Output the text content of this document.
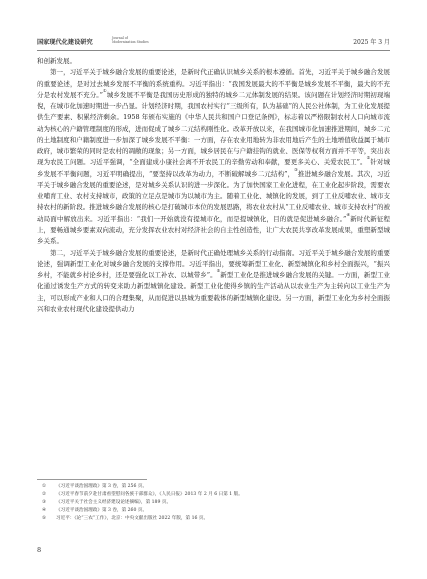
国家现代化建设研究
Journal of
Modernization Studies	2025 年 3 月

和创新发展。

第一，习近平关于城乡融合发展的重要论述，是新时代正确认识城乡关系的根本遵循。首先，习近平关于城乡融合发展的重要论述，是对过去城乡发展不平衡的系统重构。习近平指出：“我国发展最大的不平衡是城乡发展不平衡，最大的不充分是农村发展不充分。”①城乡发展不平衡是我国历史形成的独特的城乡二元体制发展的结果。该问题在计划经济时期初现端倪，在城市化加速时期进一步凸显。计划经济时期，我国农村实行“三级所有，队为基础”的人民公社体制，为工业化发展提供生产要素、积累经济剩余。1958 年颁布实施的《中华人民共和国户口登记条例》，标志着以严格限制农村人口向城市流动为核心的户籍管理制度的形成，进而促成了城乡二元结构刚性化。改革开放以来，在我国城市化加速推进期间，城乡二元的土地制度和户籍制度进一步加深了城乡发展不平衡：一方面，存在农业用地转为非农用地后产生的土地增值收益属于城市政府，城市繁荣的同时是农村的凋敝的现象；另一方面，城乡居民在与户籍挂钩的就业、医保等权利方面并不平等，突出表现为农民工问题。习近平强调，“全面建成小康社会离不开农民工的辛勤劳动和奉献，要更多关心、关爱农民工”。②针对城乡发展不平衡问题，习近平明确提出，“要坚持以改革为动力，不断破解城乡二元结构”，③推进城乡融合发展。其次，习近平关于城乡融合发展的重要论述，是对城乡关系认识的进一步深化。为了加快国家工业化进程，在工业化起步阶段，需要农业哺育工业、农村支持城市，政策的立足点是城市为以城市为主。随着工业化、城镇化的发展，到了工业反哺农业、城市支持农村的新阶段。推进城乡融合发展的核心是打破城市本位的发展思路，将农业农村从“工业反哺农业、城市支持农村”的被动局面中解放出来。习近平指出：“我们一开始就没有提城市化，而是提城镇化，目的就是促进城乡融合。”④新时代新征程上，要畅通城乡要素双向流动，充分发挥农业农村对经济社会的自主性创造性，让广大农民共享改革发展成果，重塑新型城乡关系。

第二，习近平关于城乡融合发展的重要论述，是新时代正确处理城乡关系的行动指南。习近平关于城乡融合发展的重要论述，强调新型工业化对城乡融合发展的支撑作用。习近平指出，要统筹新型工业化、新型城镇化和乡村全面振兴，“振兴乡村，不能就乡村论乡村，还是要强化以工补农、以城带乡”。⑤新型工业化是推进城乡融合发展的关键。一方面，新型工业化通过诱发生产方式的转变来助力新型城镇化建设。新型工业化使得乡镇的生产活动从以农业生产为主转向以工业生产为主，可以形成产业和人口的合理集聚，从而促进以县城为重要载体的新型城镇化建设。另一方面，新型工业化为乡村全面振兴和农业农村现代化建设提供动力

① 《习近平谈治国理政》第 3 卷，第 256 页。
② 《习近平春节前夕赴甘肃看望慰问各族干部群众》，《人民日报》2013 年 2 月 6 日第 1 版。
③ 《习近平关于社会主义经济建设论述摘编》，第 189 页。
④ 《习近平谈治国理政》第 3 卷，第 260 页。
⑤ 习近平：《论“三农”工作》，北京：中央文献出版社 2022 年版，第 16 页。
8
